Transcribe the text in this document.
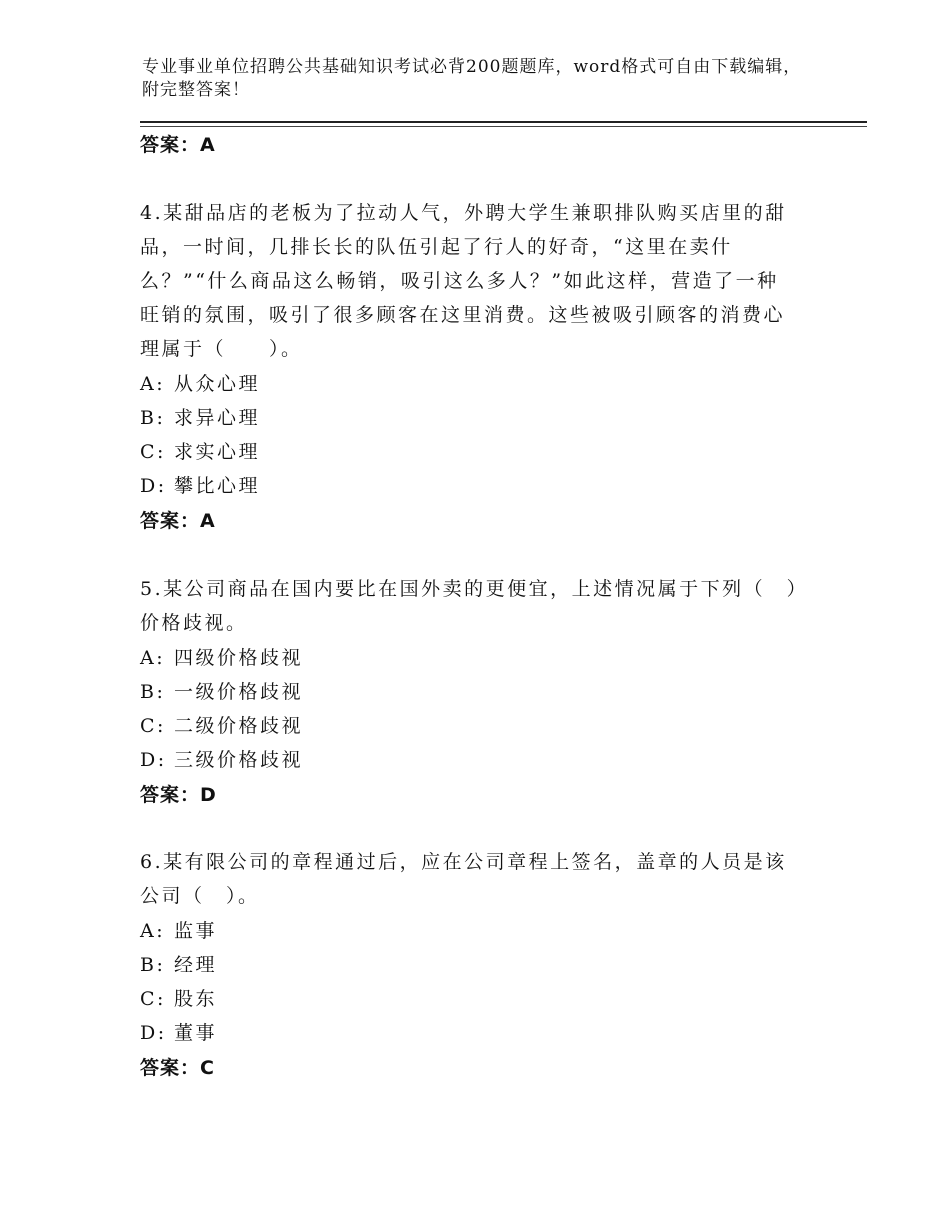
专业事业单位招聘公共基础知识考试必背200题题库，word格式可自由下载编辑，附完整答案！
答案：A
4.某甜品店的老板为了拉动人气，外聘大学生兼职排队购买店里的甜品，一时间，几排长长的队伍引起了行人的好奇，“这里在卖什么？”“什么商品这么畅销，吸引这么多人？”如此这样，营造了一种旺销的氛围，吸引了很多顾客在这里消费。这些被吸引顾客的消费心理属于（　　）。
A: 从众心理
B: 求异心理
C: 求实心理
D: 攀比心理
答案：A
5.某公司商品在国内要比在国外卖的更便宜，上述情况属于下列（　）价格歧视。
A: 四级价格歧视
B: 一级价格歧视
C: 二级价格歧视
D: 三级价格歧视
答案：D
6.某有限公司的章程通过后，应在公司章程上签名，盖章的人员是该公司（　）。
A: 监事
B: 经理
C: 股东
D: 董事
答案：C
